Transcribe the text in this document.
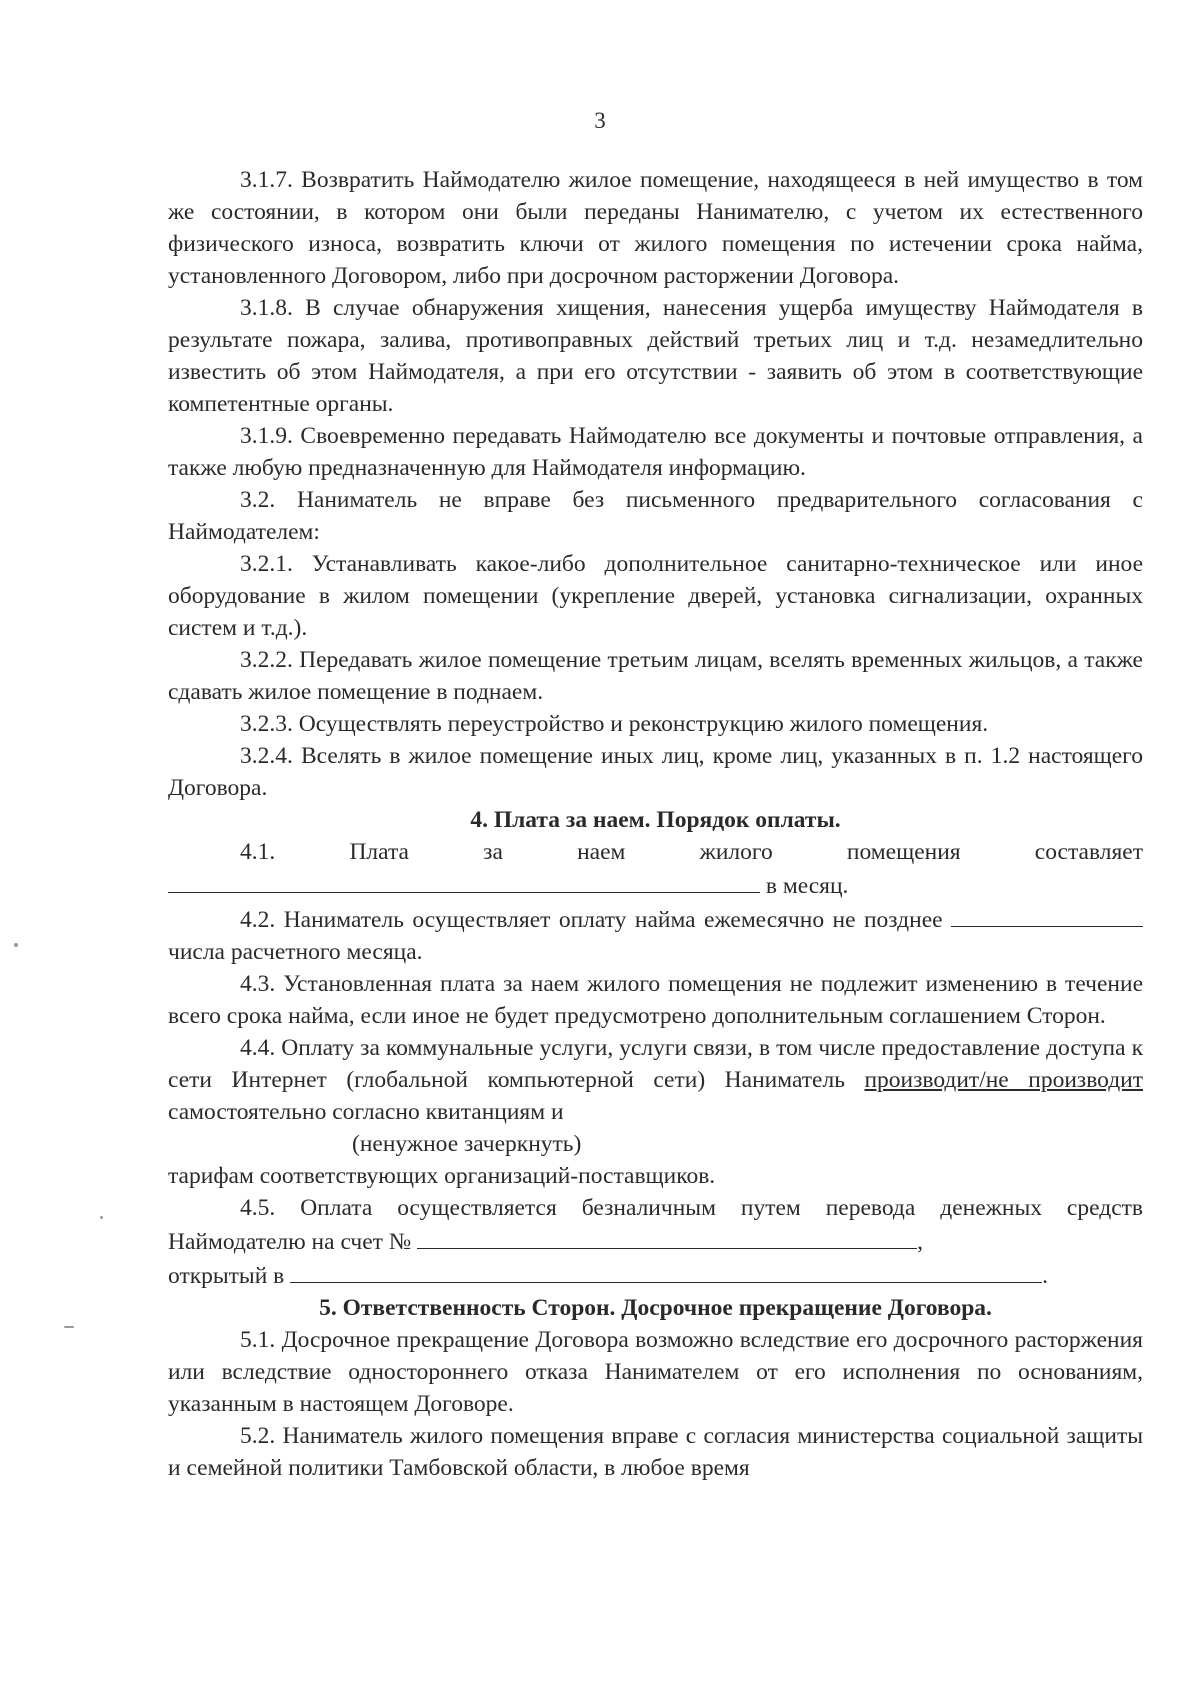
3

3.1.7. Возвратить Наймодателю жилое помещение, находящееся в ней имущество в том же состоянии, в котором они были переданы Нанимателю, с учетом их естественного физического износа, возвратить ключи от жилого помещения по истечении срока найма, установленного Договором, либо при досрочном расторжении Договора.

3.1.8. В случае обнаружения хищения, нанесения ущерба имуществу Наймодателя в результате пожара, залива, противоправных действий третьих лиц и т.д. незамедлительно известить об этом Наймодателя, а при его отсутствии - заявить об этом в соответствующие компетентные органы.

3.1.9. Своевременно передавать Наймодателю все документы и почтовые отправления, а также любую предназначенную для Наймодателя информацию.

3.2. Наниматель не вправе без письменного предварительного согласования с Наймодателем:

3.2.1. Устанавливать какое-либо дополнительное санитарно-техническое или иное оборудование в жилом помещении (укрепление дверей, установка сигнализации, охранных систем и т.д.).

3.2.2. Передавать жилое помещение третьим лицам, вселять временных жильцов, а также сдавать жилое помещение в поднаем.

3.2.3. Осуществлять переустройство и реконструкцию жилого помещения.

3.2.4. Вселять в жилое помещение иных лиц, кроме лиц, указанных в п. 1.2 настоящего Договора.

4. Плата за наем. Порядок оплаты.

4.1. Плата за наем жилого помещения составляет  в месяц.

4.2. Наниматель осуществляет оплату найма ежемесячно не позднее  числа расчетного месяца.

4.3. Установленная плата за наем жилого помещения не подлежит изменению в течение всего срока найма, если иное не будет предусмотрено дополнительным соглашением Сторон.

4.4. Оплату за коммунальные услуги, услуги связи, в том числе предоставление доступа к сети Интернет (глобальной компьютерной сети) Наниматель производит/не производит самостоятельно согласно квитанциям и

(ненужное зачеркнуть)

тарифам соответствующих организаций-поставщиков.

4.5. Оплата осуществляется безналичным путем перевода денежных средств Наймодателю на счет №	,
открытый в	.

5. Ответственность Сторон. Досрочное прекращение Договора.

5.1. Досрочное прекращение Договора возможно вследствие его досрочного расторжения или вследствие одностороннего отказа Нанимателем от его исполнения по основаниям, указанным в настоящем Договоре.

5.2. Наниматель жилого помещения вправе с согласия министерства социальной защиты и семейной политики Тамбовской области, в любое время
